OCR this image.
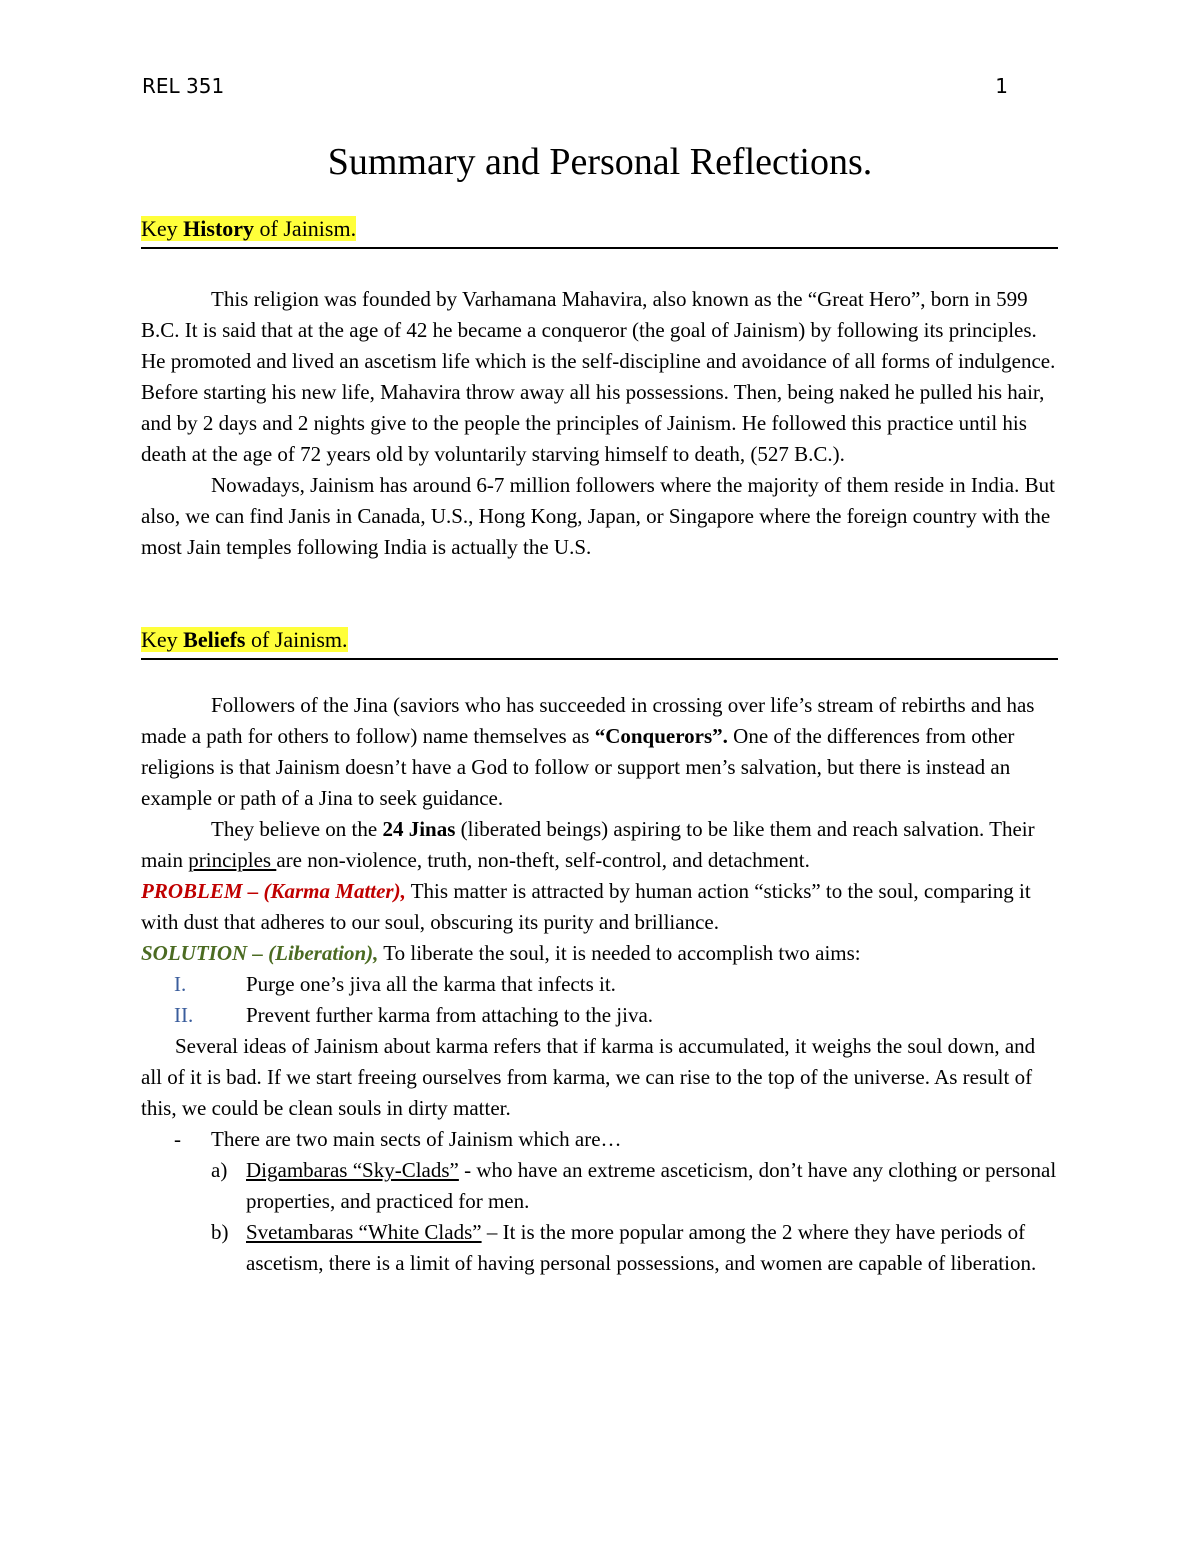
REL 351	1
Summary and Personal Reflections.
Key History of Jainism.

This religion was founded by Varhamana Mahavira, also known as the “Great Hero”, born in 599 B.C. It is said that at the age of 42 he became a conqueror (the goal of Jainism) by following its principles. He promoted and lived an ascetism life which is the self-discipline and avoidance of all forms of indulgence. Before starting his new life, Mahavira throw away all his possessions. Then, being naked he pulled his hair, and by 2 days and 2 nights give to the people the principles of Jainism. He followed this practice until his death at the age of 72 years old by voluntarily starving himself to death, (527 B.C.).

Nowadays, Jainism has around 6-7 million followers where the majority of them reside in India. But also, we can find Janis in Canada, U.S., Hong Kong, Japan, or Singapore where the foreign country with the most Jain temples following India is actually the U.S.

Key Beliefs of Jainism.

Followers of the Jina (saviors who has succeeded in crossing over life’s stream of rebirths and has made a path for others to follow) name themselves as “Conquerors”. One of the differences from other religions is that Jainism doesn’t have a God to follow or support men’s salvation, but there is instead an example or path of a Jina to seek guidance.

They believe on the 24 Jinas (liberated beings) aspiring to be like them and reach salvation. Their main principles are non-violence, truth, non-theft, self-control, and detachment.

PROBLEM – (Karma Matter), This matter is attracted by human action “sticks” to the soul, comparing it with dust that adheres to our soul, obscuring its purity and brilliance.

SOLUTION – (Liberation), To liberate the soul, it is needed to accomplish two aims:

I.	Purge one’s jiva all the karma that infects it.
II.	Prevent further karma from attaching to the jiva.

Several ideas of Jainism about karma refers that if karma is accumulated, it weighs the soul down, and all of it is bad. If we start freeing ourselves from karma, we can rise to the top of the universe. As result of this, we could be clean souls in dirty matter.

- There are two main sects of Jainism which are…

a) Digambaras “Sky-Clads” - who have an extreme asceticism, don’t have any clothing or personal properties, and practiced for men.
b) Svetambaras “White Clads” – It is the more popular among the 2 where they have periods of ascetism, there is a limit of having personal possessions, and women are capable of liberation.
